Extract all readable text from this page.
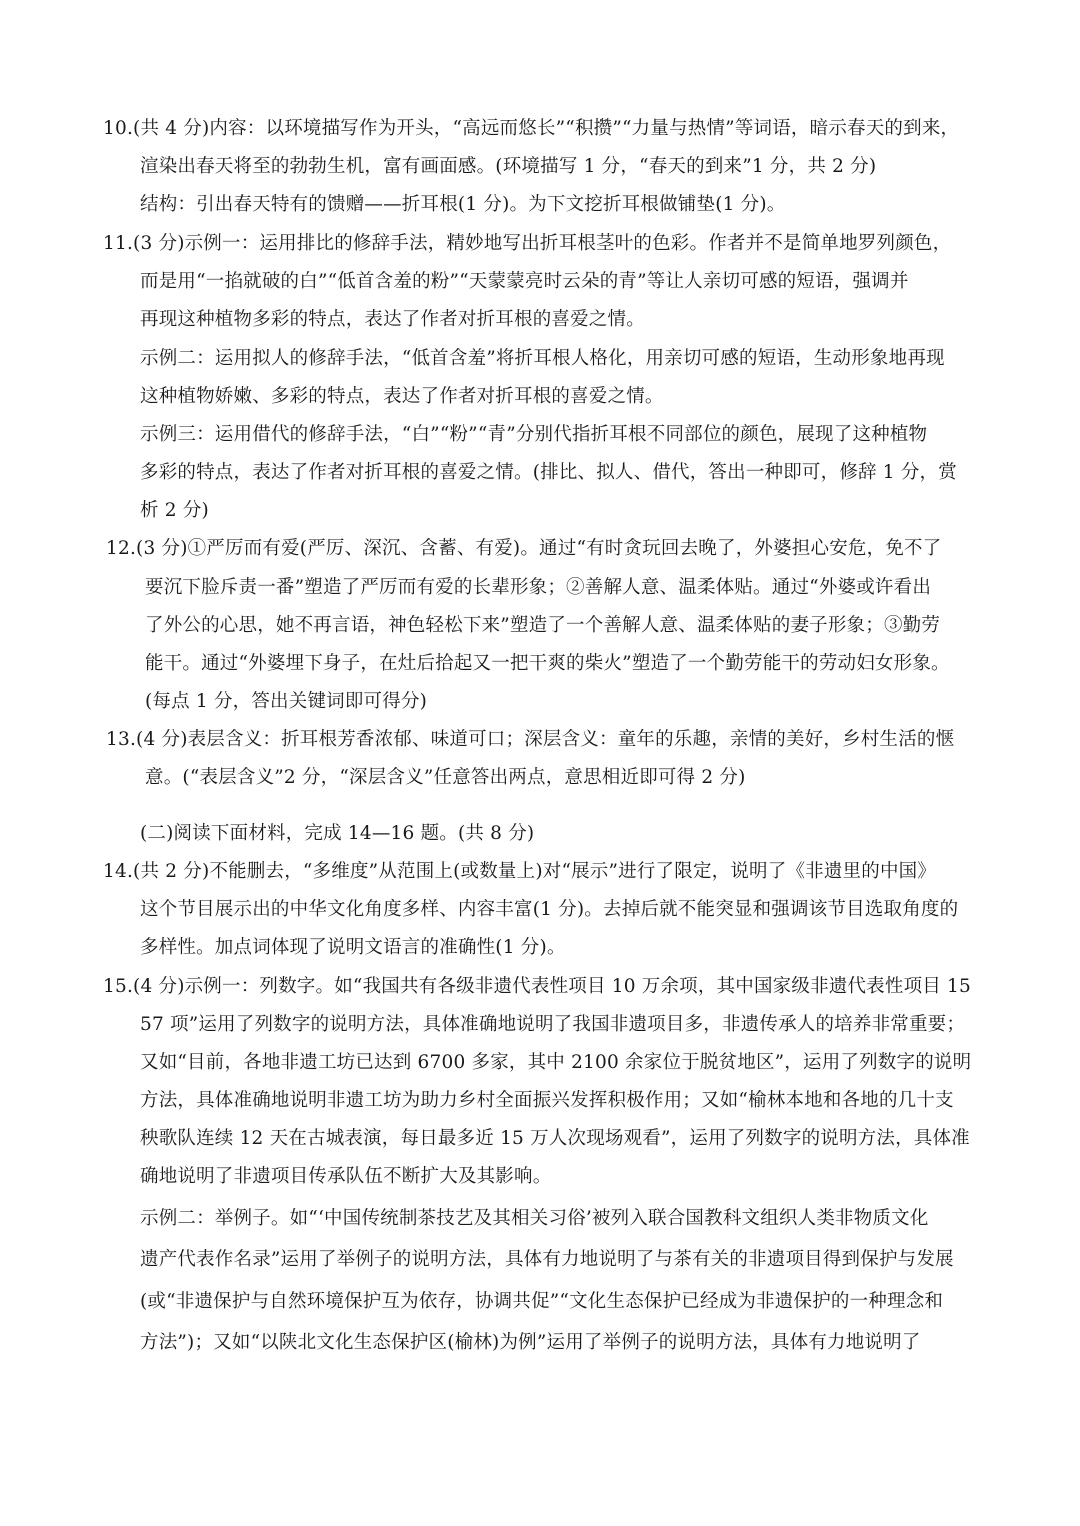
10.(共 4 分)内容：以环境描写作为开头，“高远而悠长”“积攒”“力量与热情”等词语，暗示春天的到来，
渲染出春天将至的勃勃生机，富有画面感。(环境描写 1 分，“春天的到来”1 分，共 2 分)
结构：引出春天特有的馈赠——折耳根(1 分)。为下文挖折耳根做铺垫(1 分)。
11.(3 分)示例一：运用排比的修辞手法，精妙地写出折耳根茎叶的色彩。作者并不是简单地罗列颜色，
而是用“一掐就破的白”“低首含羞的粉”“天蒙蒙亮时云朵的青”等让人亲切可感的短语，强调并
再现这种植物多彩的特点，表达了作者对折耳根的喜爱之情。
示例二：运用拟人的修辞手法，“低首含羞”将折耳根人格化，用亲切可感的短语，生动形象地再现
这种植物娇嫩、多彩的特点，表达了作者对折耳根的喜爱之情。
示例三：运用借代的修辞手法，“白”“粉”“青”分别代指折耳根不同部位的颜色，展现了这种植物
多彩的特点，表达了作者对折耳根的喜爱之情。(排比、拟人、借代，答出一种即可，修辞 1 分，赏
析 2 分)
12.(3 分)①严厉而有爱(严厉、深沉、含蓄、有爱)。通过“有时贪玩回去晚了，外婆担心安危，免不了
要沉下脸斥责一番”塑造了严厉而有爱的长辈形象；②善解人意、温柔体贴。通过“外婆或许看出
了外公的心思，她不再言语，神色轻松下来”塑造了一个善解人意、温柔体贴的妻子形象；③勤劳
能干。通过“外婆埋下身子，在灶后拾起又一把干爽的柴火”塑造了一个勤劳能干的劳动妇女形象。
(每点 1 分，答出关键词即可得分)
13.(4 分)表层含义：折耳根芳香浓郁、味道可口；深层含义：童年的乐趣，亲情的美好，乡村生活的惬
意。(“表层含义”2 分，“深层含义”任意答出两点，意思相近即可得 2 分)
(二)阅读下面材料，完成 14—16 题。(共 8 分)
14.(共 2 分)不能删去，“多维度”从范围上(或数量上)对“展示”进行了限定，说明了《非遗里的中国》
这个节目展示出的中华文化角度多样、内容丰富(1 分)。去掉后就不能突显和强调该节目选取角度的
多样性。加点词体现了说明文语言的准确性(1 分)。
15.(4 分)示例一：列数字。如“我国共有各级非遗代表性项目 10 万余项，其中国家级非遗代表性项目 15
57 项”运用了列数字的说明方法，具体准确地说明了我国非遗项目多，非遗传承人的培养非常重要；
又如“目前，各地非遗工坊已达到 6700 多家，其中 2100 余家位于脱贫地区”，运用了列数字的说明
方法，具体准确地说明非遗工坊为助力乡村全面振兴发挥积极作用；又如“榆林本地和各地的几十支
秧歌队连续 12 天在古城表演，每日最多近 15 万人次现场观看”，运用了列数字的说明方法，具体准
确地说明了非遗项目传承队伍不断扩大及其影响。
示例二：举例子。如“‘中国传统制茶技艺及其相关习俗’被列入联合国教科文组织人类非物质文化
遗产代表作名录”运用了举例子的说明方法，具体有力地说明了与茶有关的非遗项目得到保护与发展
(或“非遗保护与自然环境保护互为依存，协调共促”“文化生态保护已经成为非遗保护的一种理念和
方法”)；又如“以陕北文化生态保护区(榆林)为例”运用了举例子的说明方法，具体有力地说明了
